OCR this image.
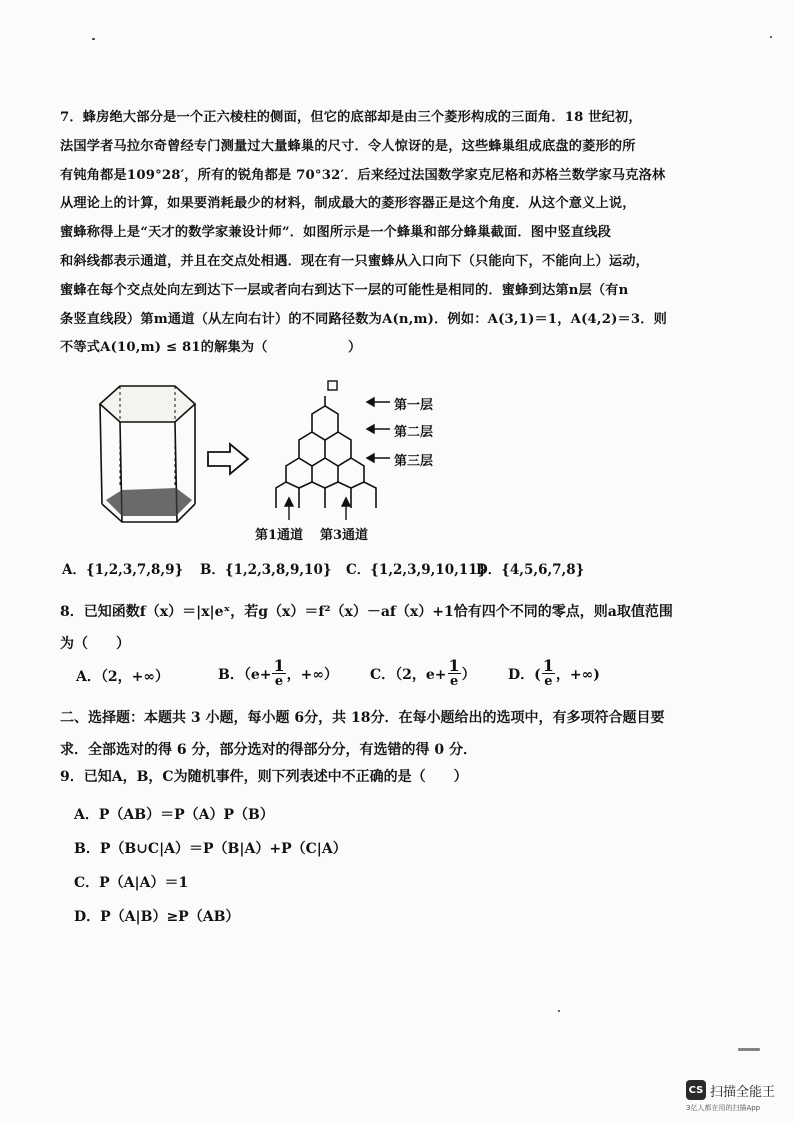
7．蜂房绝大部分是一个正六棱柱的侧面，但它的底部却是由三个菱形构成的三面角．18 世纪初，
法国学者马拉尔奇曾经专门测量过大量蜂巢的尺寸．令人惊讶的是，这些蜂巢组成底盘的菱形的所
有钝角都是109°28′，所有的锐角都是 70°32′．后来经过法国数学家克尼格和苏格兰数学家马克洛林
从理论上的计算，如果要消耗最少的材料，制成最大的菱形容器正是这个角度．从这个意义上说，
蜜蜂称得上是“天才的数学家兼设计师”．如图所示是一个蜂巢和部分蜂巢截面．图中竖直线段
和斜线都表示通道，并且在交点处相遇．现在有一只蜜蜂从入口向下（只能向下，不能向上）运动，
蜜蜂在每个交点处向左到达下一层或者向右到达下一层的可能性是相同的．蜜蜂到达第n层（有n
条竖直线段）第m通道（从左向右计）的不同路径数为A(n,m)．例如：A(3,1)＝1，A(4,2)＝3．则
不等式A(10,m) ≤ 81的解集为（　　　　　　）
第一层
第二层
第三层
第1通道 第3通道
A．{1,2,3,7,8,9} B．{1,2,3,8,9,10} C．{1,2,3,9,10,11}
D．{4,5,6,7,8}
8．已知函数f（x）＝|x|eˣ，若g（x）＝f²（x）－af（x）+1恰有四个不同的零点，则a取值范围
为（　　）
A．（2，+∞）	B．（$e+ \frac{1}{e}$ ，+∞） C．（2，$e+ \frac{1}{e}$ ） D．( $\frac{1}{e}$ ，+∞)
二、选择题：本题共 3 小题，每小题 6分，共 18分．在每小题给出的选项中，有多项符合题目要
求．全部选对的得 6 分，部分选对的得部分分，有选错的得 0 分．
9．已知A，B，C为随机事件，则下列表述中不正确的是（　　）
A．P（AB）＝P（A）P（B）
B．P（B∪C|A）＝P（B|A）+P（C|A）
C．P（A|A）＝1
D．P（A|B）≥P（AB）
CS 扫描全能王
3亿人都在用的扫描App
